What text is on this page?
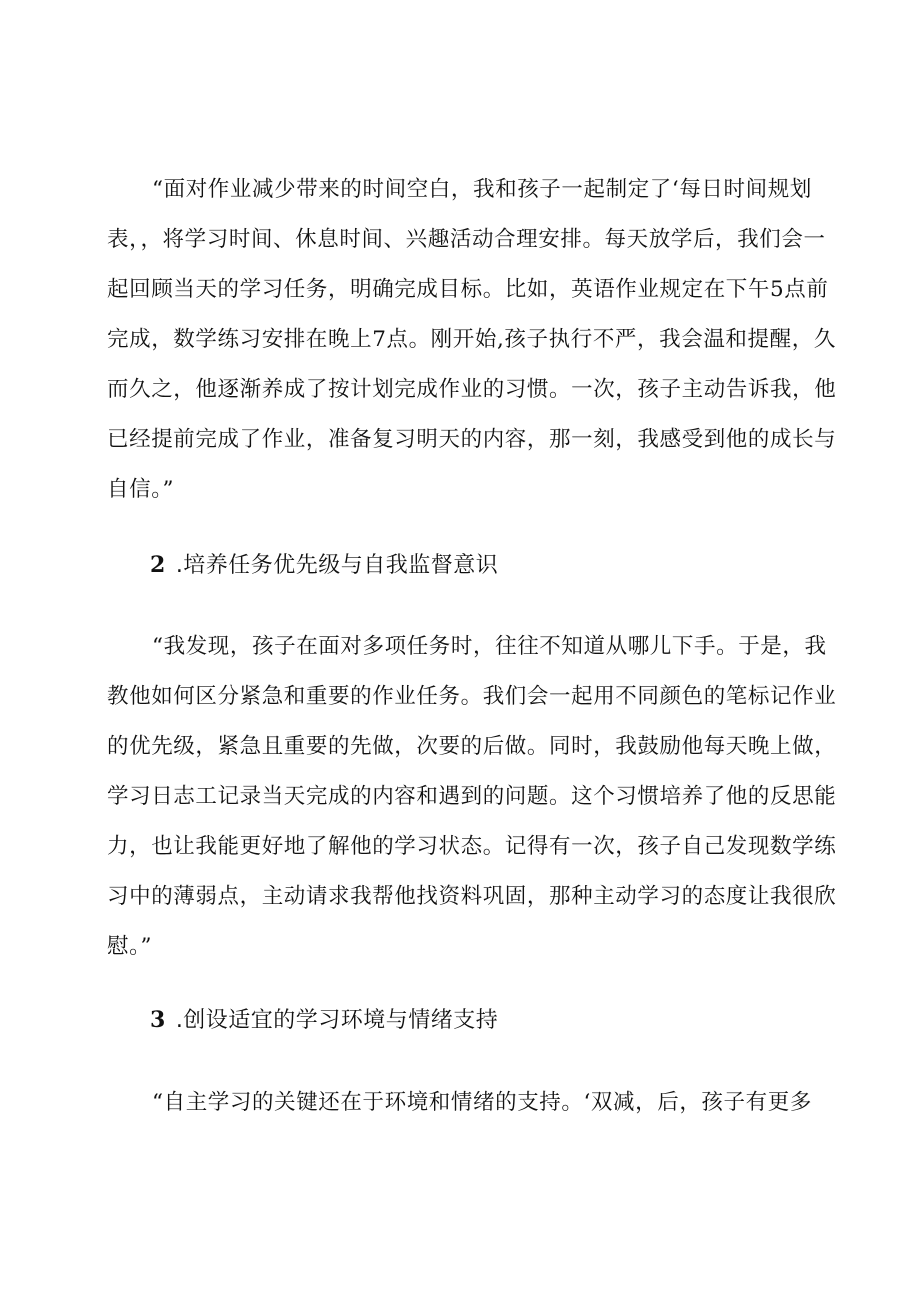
“面对作业减少带来的时间空白，我和孩子一起制定了‘每日时间规划
表，，将学习时间、休息时间、兴趣活动合理安排。每天放学后，我们会一
起回顾当天的学习任务，明确完成目标。比如，英语作业规定在下午5点前
完成，数学练习安排在晚上7点。刚开始,孩子执行不严，我会温和提醒，久
而久之，他逐渐养成了按计划完成作业的习惯。一次，孩子主动告诉我，他
已经提前完成了作业，准备复习明天的内容，那一刻，我感受到他的成长与
自信。”
2 .培养任务优先级与自我监督意识
“我发现，孩子在面对多项任务时，往往不知道从哪儿下手。于是，我
教他如何区分紧急和重要的作业任务。我们会一起用不同颜色的笔标记作业
的优先级，紧急且重要的先做，次要的后做。同时，我鼓励他每天晚上做，
学习日志工记录当天完成的内容和遇到的问题。这个习惯培养了他的反思能
力，也让我能更好地了解他的学习状态。记得有一次，孩子自己发现数学练
习中的薄弱点，主动请求我帮他找资料巩固，那种主动学习的态度让我很欣
慰。”
3 .创设适宜的学习环境与情绪支持
“自主学习的关键还在于环境和情绪的支持。‘双减，后，孩子有更多
